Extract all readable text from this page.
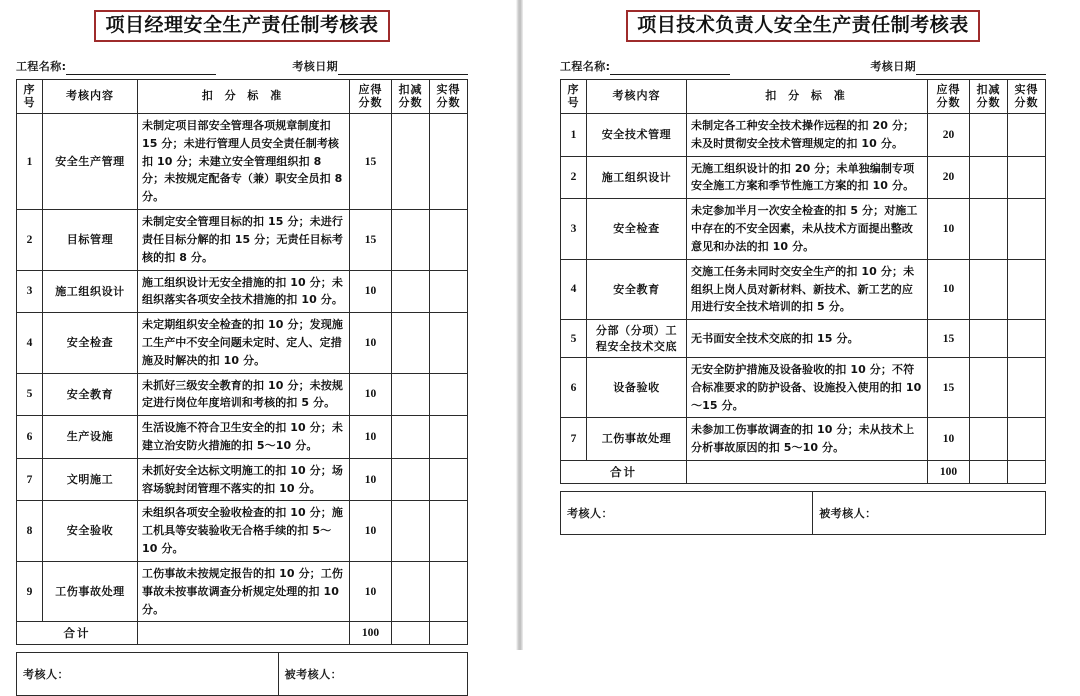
项目经理安全生产责任制考核表
工程名称:	考核日期
序号	考核内容	扣 分 标 准	应得分数	扣减分数	实得分数
1	安全生产管理	未制定项目部安全管理各项规章制度扣 15 分；未进行管理人员安全责任制考核扣 10 分；未建立安全管理组织扣 8 分；未按规定配备专（兼）职安全员扣 8 分。	15		
2	目标管理	未制定安全管理目标的扣 15 分；未进行责任目标分解的扣 15 分；无责任目标考核的扣 8 分。	15		
3	施工组织设计	施工组织设计无安全措施的扣 10 分；未组织落实各项安全技术措施的扣 10 分。	10		
4	安全检查	未定期组织安全检查的扣 10 分；发现施工生产中不安全问题未定时、定人、定措施及时解决的扣 10 分。	10		
5	安全教育	未抓好三级安全教育的扣 10 分；未按规定进行岗位年度培训和考核的扣 5 分。	10		
6	生产设施	生活设施不符合卫生安全的扣 10 分；未建立治安防火措施的扣 5～10 分。	10		
7	文明施工	未抓好安全达标文明施工的扣 10 分；场容场貌封闭管理不落实的扣 10 分。	10		
8	安全验收	未组织各项安全验收检查的扣 10 分；施工机具等安装验收无合格手续的扣 5～10 分。	10		
9	工伤事故处理	工伤事故未按规定报告的扣 10 分；工伤事故未按事故调查分析规定处理的扣 10 分。	10		
合计			100		
考核人：	被考核人：
项目技术负责人安全生产责任制考核表
工程名称:	考核日期
序号	考核内容	扣 分 标 准	应得分数	扣减分数	实得分数
1	安全技术管理	未制定各工种安全技术操作远程的扣 20 分；未及时贯彻安全技术管理规定的扣 10 分。	20		
2	施工组织设计	无施工组织设计的扣 20 分；未单独编制专项安全施工方案和季节性施工方案的扣 10 分。	20		
3	安全检查	未定参加半月一次安全检查的扣 5 分；对施工中存在的不安全因素，未从技术方面提出整改意见和办法的扣 10 分。	10		
4	安全教育	交施工任务未同时交安全生产的扣 10 分；未组织上岗人员对新材料、新技术、新工艺的应用进行安全技术培训的扣 5 分。	10		
5	分部（分项）工程安全技术交底	无书面安全技术交底的扣 15 分。	15		
6	设备验收	无安全防护措施及设备验收的扣 10 分；不符合标准要求的防护设备、设施投入使用的扣 10～15 分。	15		
7	工伤事故处理	未参加工伤事故调查的扣 10 分；未从技术上分析事故原因的扣 5～10 分。	10		
合计			100		
考核人：	被考核人：
